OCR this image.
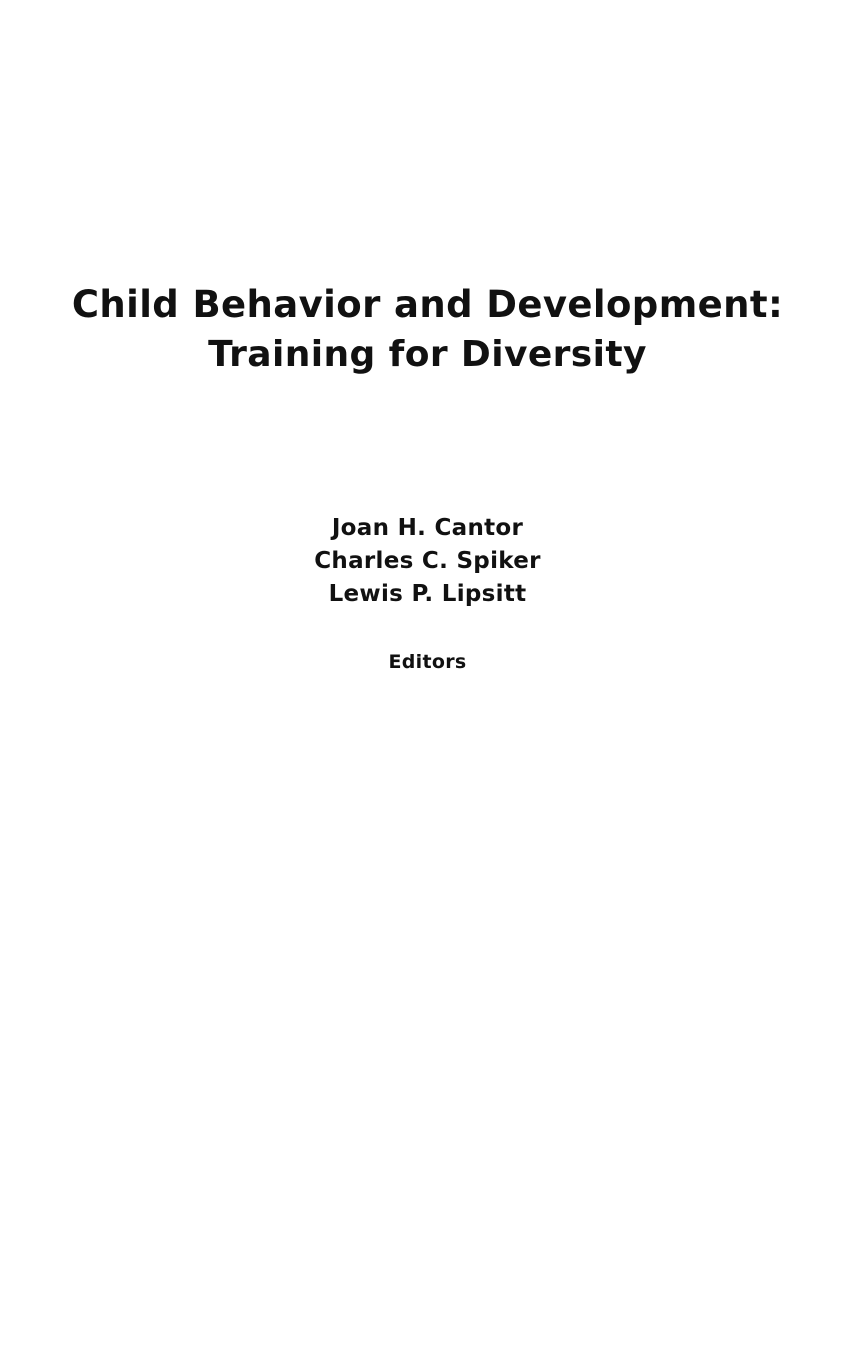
Child Behavior and Development:
Training for Diversity
Joan H. Cantor
Charles C. Spiker
Lewis P. Lipsitt
Editors
